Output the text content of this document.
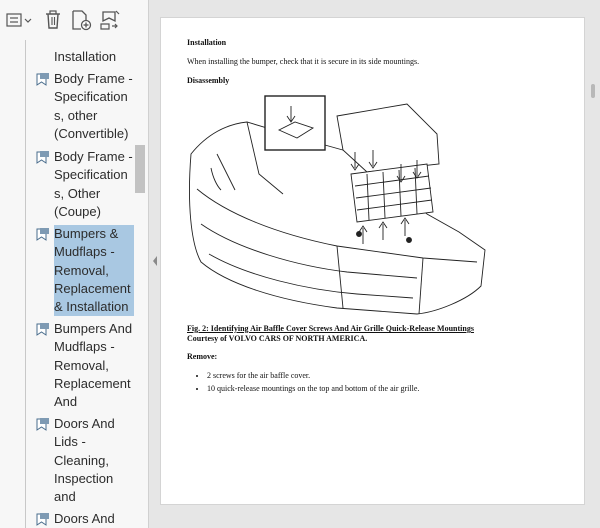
Installation
Body Frame -
Specification
s, other
(Convertible)
Body Frame -
Specification
s, Other
(Coupe)
Bumpers &
Mudflaps -
Removal,
Replacement
& Installation
Bumpers And
Mudflaps -
Removal,
Replacement
And
Doors And
Lids -
Cleaning,
Inspection
and
Doors And
Installation
When installing the bumper, check that it is secure in its side mountings.
Disassembly
Fig. 2: Identifying Air Baffle Cover Screws And Air Grille Quick-Release Mountings
Courtesy of VOLVO CARS OF NORTH AMERICA.
Remove:
• 2 screws for the air baffle cover.
• 10 quick-release mountings on the top and bottom of the air grille.
